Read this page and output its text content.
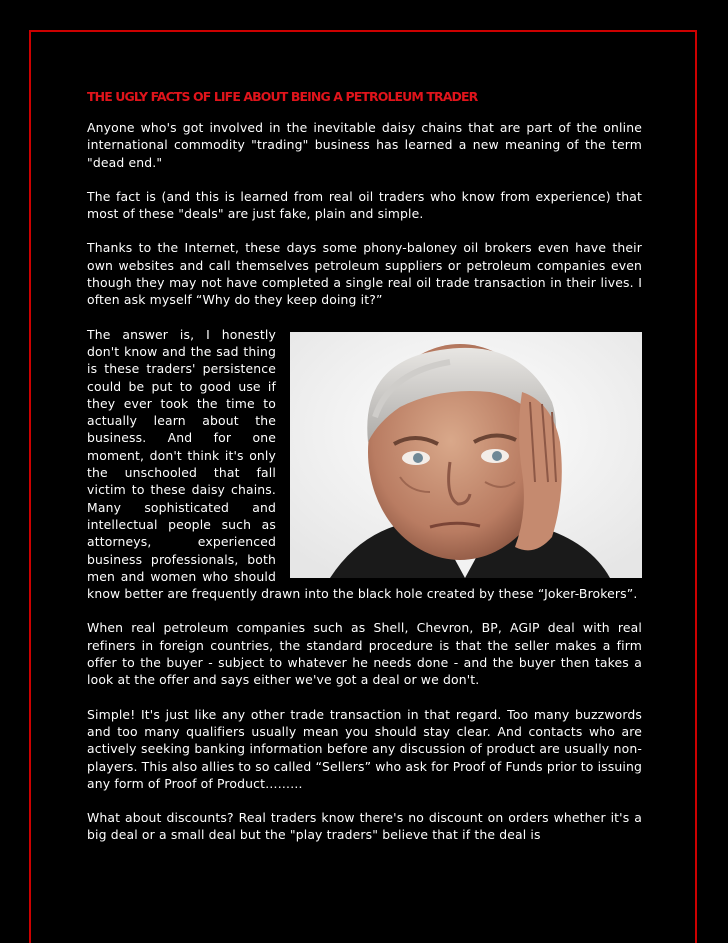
THE UGLY FACTS OF LIFE ABOUT BEING A PETROLEUM TRADER

Anyone who's got involved in the inevitable daisy chains that are part of the online international commodity "trading" business has learned a new meaning of the term "dead end."

The fact is (and this is learned from real oil traders who know from experience) that most of these "deals" are just fake, plain and simple.

Thanks to the Internet, these days some phony-baloney oil brokers even have their own websites and call themselves petroleum suppliers or petroleum companies even though they may not have completed a single real oil trade transaction in their lives. I often ask myself “Why do they keep doing it?”

The answer is, I honestly don't know and the sad thing is these traders' persistence could be put to good use if they ever took the time to actually learn about the business. And for one moment, don't think it's only the unschooled that fall victim to these daisy chains. Many sophisticated and intellectual people such as attorneys, experienced business professionals, both men and women who should know better are frequently drawn into the black hole created by these “Joker-Brokers”.

When real petroleum companies such as Shell, Chevron, BP, AGIP deal with real refiners in foreign countries, the standard procedure is that the seller makes a firm offer to the buyer - subject to whatever he needs done - and the buyer then takes a look at the offer and says either we've got a deal or we don't.

Simple! It's just like any other trade transaction in that regard. Too many buzzwords and too many qualifiers usually mean you should stay clear. And contacts who are actively seeking banking information before any discussion of product are usually non-players. This also allies to so called “Sellers” who ask for Proof of Funds prior to issuing any form of Proof of Product………

What about discounts? Real traders know there's no discount on orders whether it's a big deal or a small deal but the "play traders" believe that if the deal is
